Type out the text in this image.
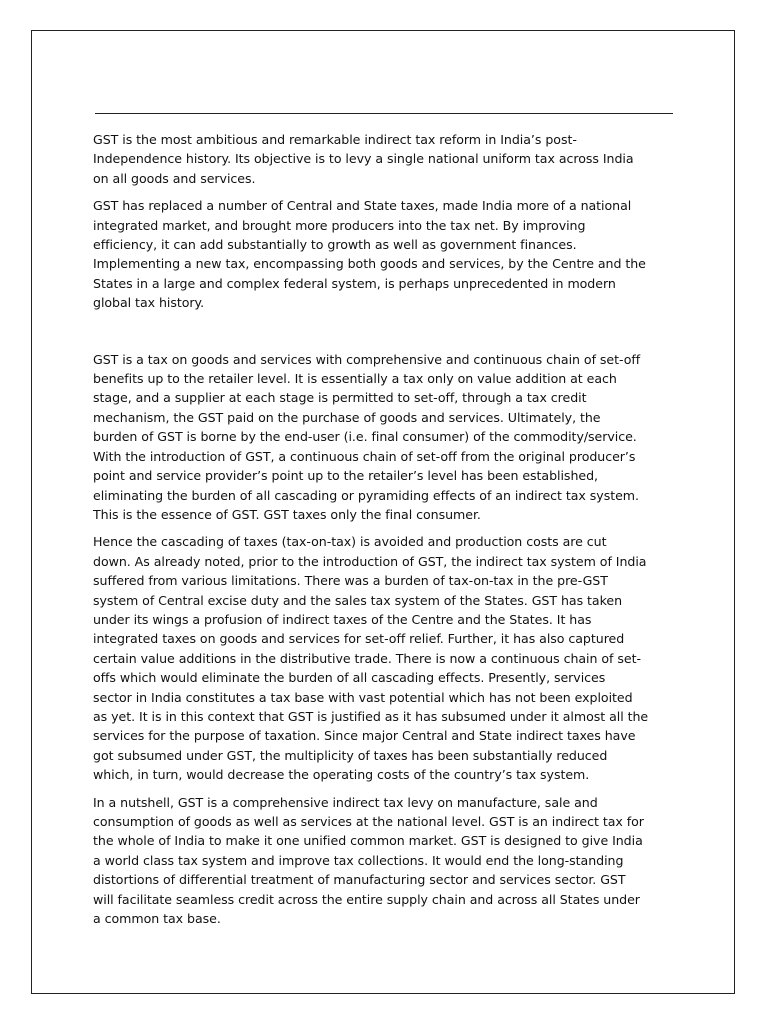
GST is the most ambitious and remarkable indirect tax reform in India’s post-
Independence history. Its objective is to levy a single national uniform tax across India
on all goods and services.

GST has replaced a number of Central and State taxes, made India more of a national
integrated market, and brought more producers into the tax net. By improving
efficiency, it can add substantially to growth as well as government finances.
Implementing a new tax, encompassing both goods and services, by the Centre and the
States in a large and complex federal system, is perhaps unprecedented in modern
global tax history.

GST is a tax on goods and services with comprehensive and continuous chain of set-off
benefits up to the retailer level. It is essentially a tax only on value addition at each
stage, and a supplier at each stage is permitted to set-off, through a tax credit
mechanism, the GST paid on the purchase of goods and services. Ultimately, the
burden of GST is borne by the end-user (i.e. final consumer) of the commodity/service.
With the introduction of GST, a continuous chain of set-off from the original producer’s
point and service provider’s point up to the retailer’s level has been established,
eliminating the burden of all cascading or pyramiding effects of an indirect tax system.
This is the essence of GST. GST taxes only the final consumer.

Hence the cascading of taxes (tax-on-tax) is avoided and production costs are cut
down. As already noted, prior to the introduction of GST, the indirect tax system of India
suffered from various limitations. There was a burden of tax-on-tax in the pre-GST
system of Central excise duty and the sales tax system of the States. GST has taken
under its wings a profusion of indirect taxes of the Centre and the States. It has
integrated taxes on goods and services for set-off relief. Further, it has also captured
certain value additions in the distributive trade. There is now a continuous chain of set-
offs which would eliminate the burden of all cascading effects. Presently, services
sector in India constitutes a tax base with vast potential which has not been exploited
as yet. It is in this context that GST is justified as it has subsumed under it almost all the
services for the purpose of taxation. Since major Central and State indirect taxes have
got subsumed under GST, the multiplicity of taxes has been substantially reduced
which, in turn, would decrease the operating costs of the country’s tax system.

In a nutshell, GST is a comprehensive indirect tax levy on manufacture, sale and
consumption of goods as well as services at the national level. GST is an indirect tax for
the whole of India to make it one unified common market. GST is designed to give India
a world class tax system and improve tax collections. It would end the long-standing
distortions of differential treatment of manufacturing sector and services sector. GST
will facilitate seamless credit across the entire supply chain and across all States under
a common tax base.
